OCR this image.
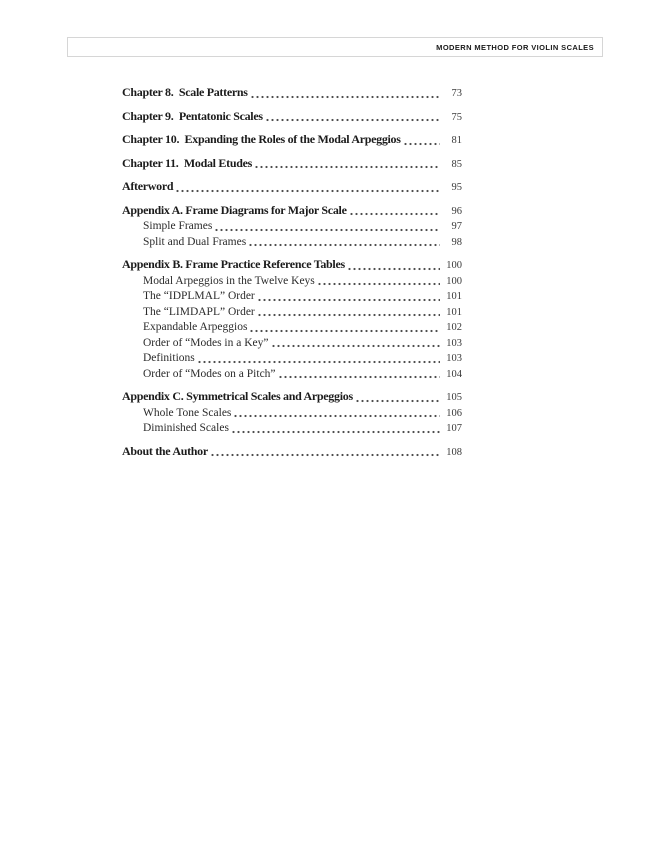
MODERN METHOD FOR VIOLIN SCALES
Chapter 8.  Scale Patterns	73
Chapter 9.  Pentatonic Scales	75
Chapter 10.  Expanding the Roles of the Modal Arpeggios	81
Chapter 11.  Modal Etudes	85
Afterword	95
Appendix A. Frame Diagrams for Major Scale	96
Simple Frames	97
Split and Dual Frames	98
Appendix B. Frame Practice Reference Tables	100
Modal Arpeggios in the Twelve Keys	100
The “IDPLMAL” Order	101
The “LIMDAPL” Order	101
Expandable Arpeggios	102
Order of “Modes in a Key”	103
Definitions	103
Order of “Modes on a Pitch”	104
Appendix C. Symmetrical Scales and Arpeggios	105
Whole Tone Scales	106
Diminished Scales	107
About the Author	108
